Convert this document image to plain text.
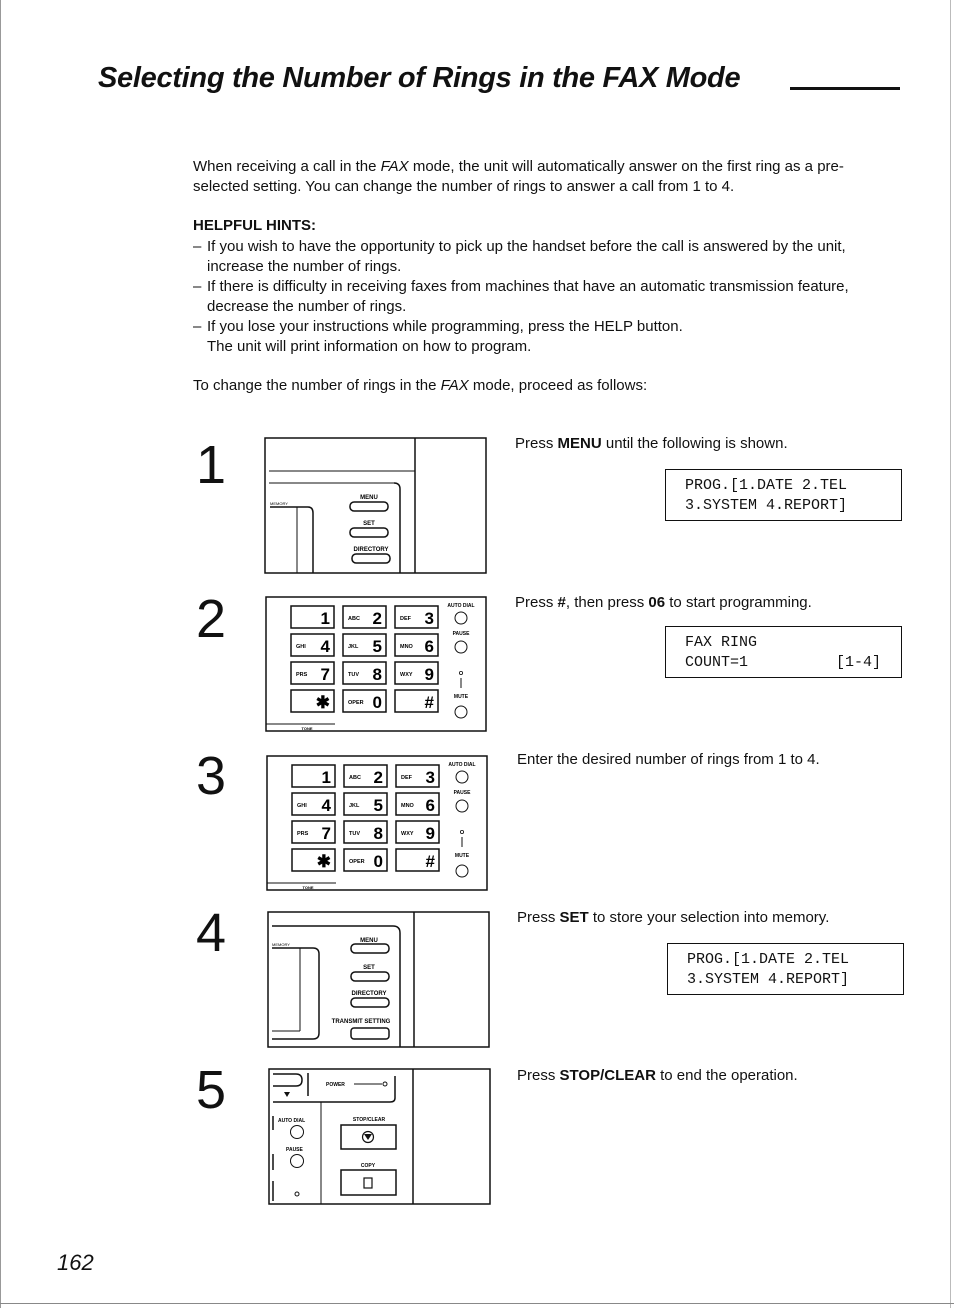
Selecting the Number of Rings in the FAX Mode

When receiving a call in the FAX mode, the unit will automatically answer on the first ring as a pre-selected setting. You can change the number of rings to answer a call from 1 to 4.

HELPFUL HINTS:
– If you wish to have the opportunity to pick up the handset before the call is answered by the unit, increase the number of rings.
– If there is difficulty in receiving faxes from machines that have an automatic transmission feature, decrease the number of rings.
– If you lose your instructions while programming, press the HELP button.
The unit will print information on how to program.

To change the number of rings in the FAX mode, proceed as follows:

1
MEMORY
MENU
SET
DIRECTORY
Press MENU until the following is shown.
PROG.[1.DATE 2.TEL
3.SYSTEM 4.REPORT]
2	1	ABC 2	DEF 3
GHI 4	JKL 5	MNO 6
PRS 7	TUV 8	WXY 9
✱	OPER 0	#
AUTO DIAL
PAUSE
MUTE
TONE
Press #, then press 06 to start programming.
FAX RING
COUNT=1	[1-4]
3	1	ABC 2	DEF 3
GHI 4	JKL 5	MNO 6
PRS 7	TUV 8	WXY 9
✱	OPER 0	#
AUTO DIAL
PAUSE
MUTE
TONE
Enter the desired number of rings from 1 to 4.
4	MEMORY
MENU
SET
DIRECTORY
TRANSMIT SETTING
Press SET to store your selection into memory.
PROG.[1.DATE 2.TEL
3.SYSTEM 4.REPORT]
5	POWER
AUTO DIAL
PAUSE
STOP/CLEAR
COPY
Press STOP/CLEAR to end the operation.
162
